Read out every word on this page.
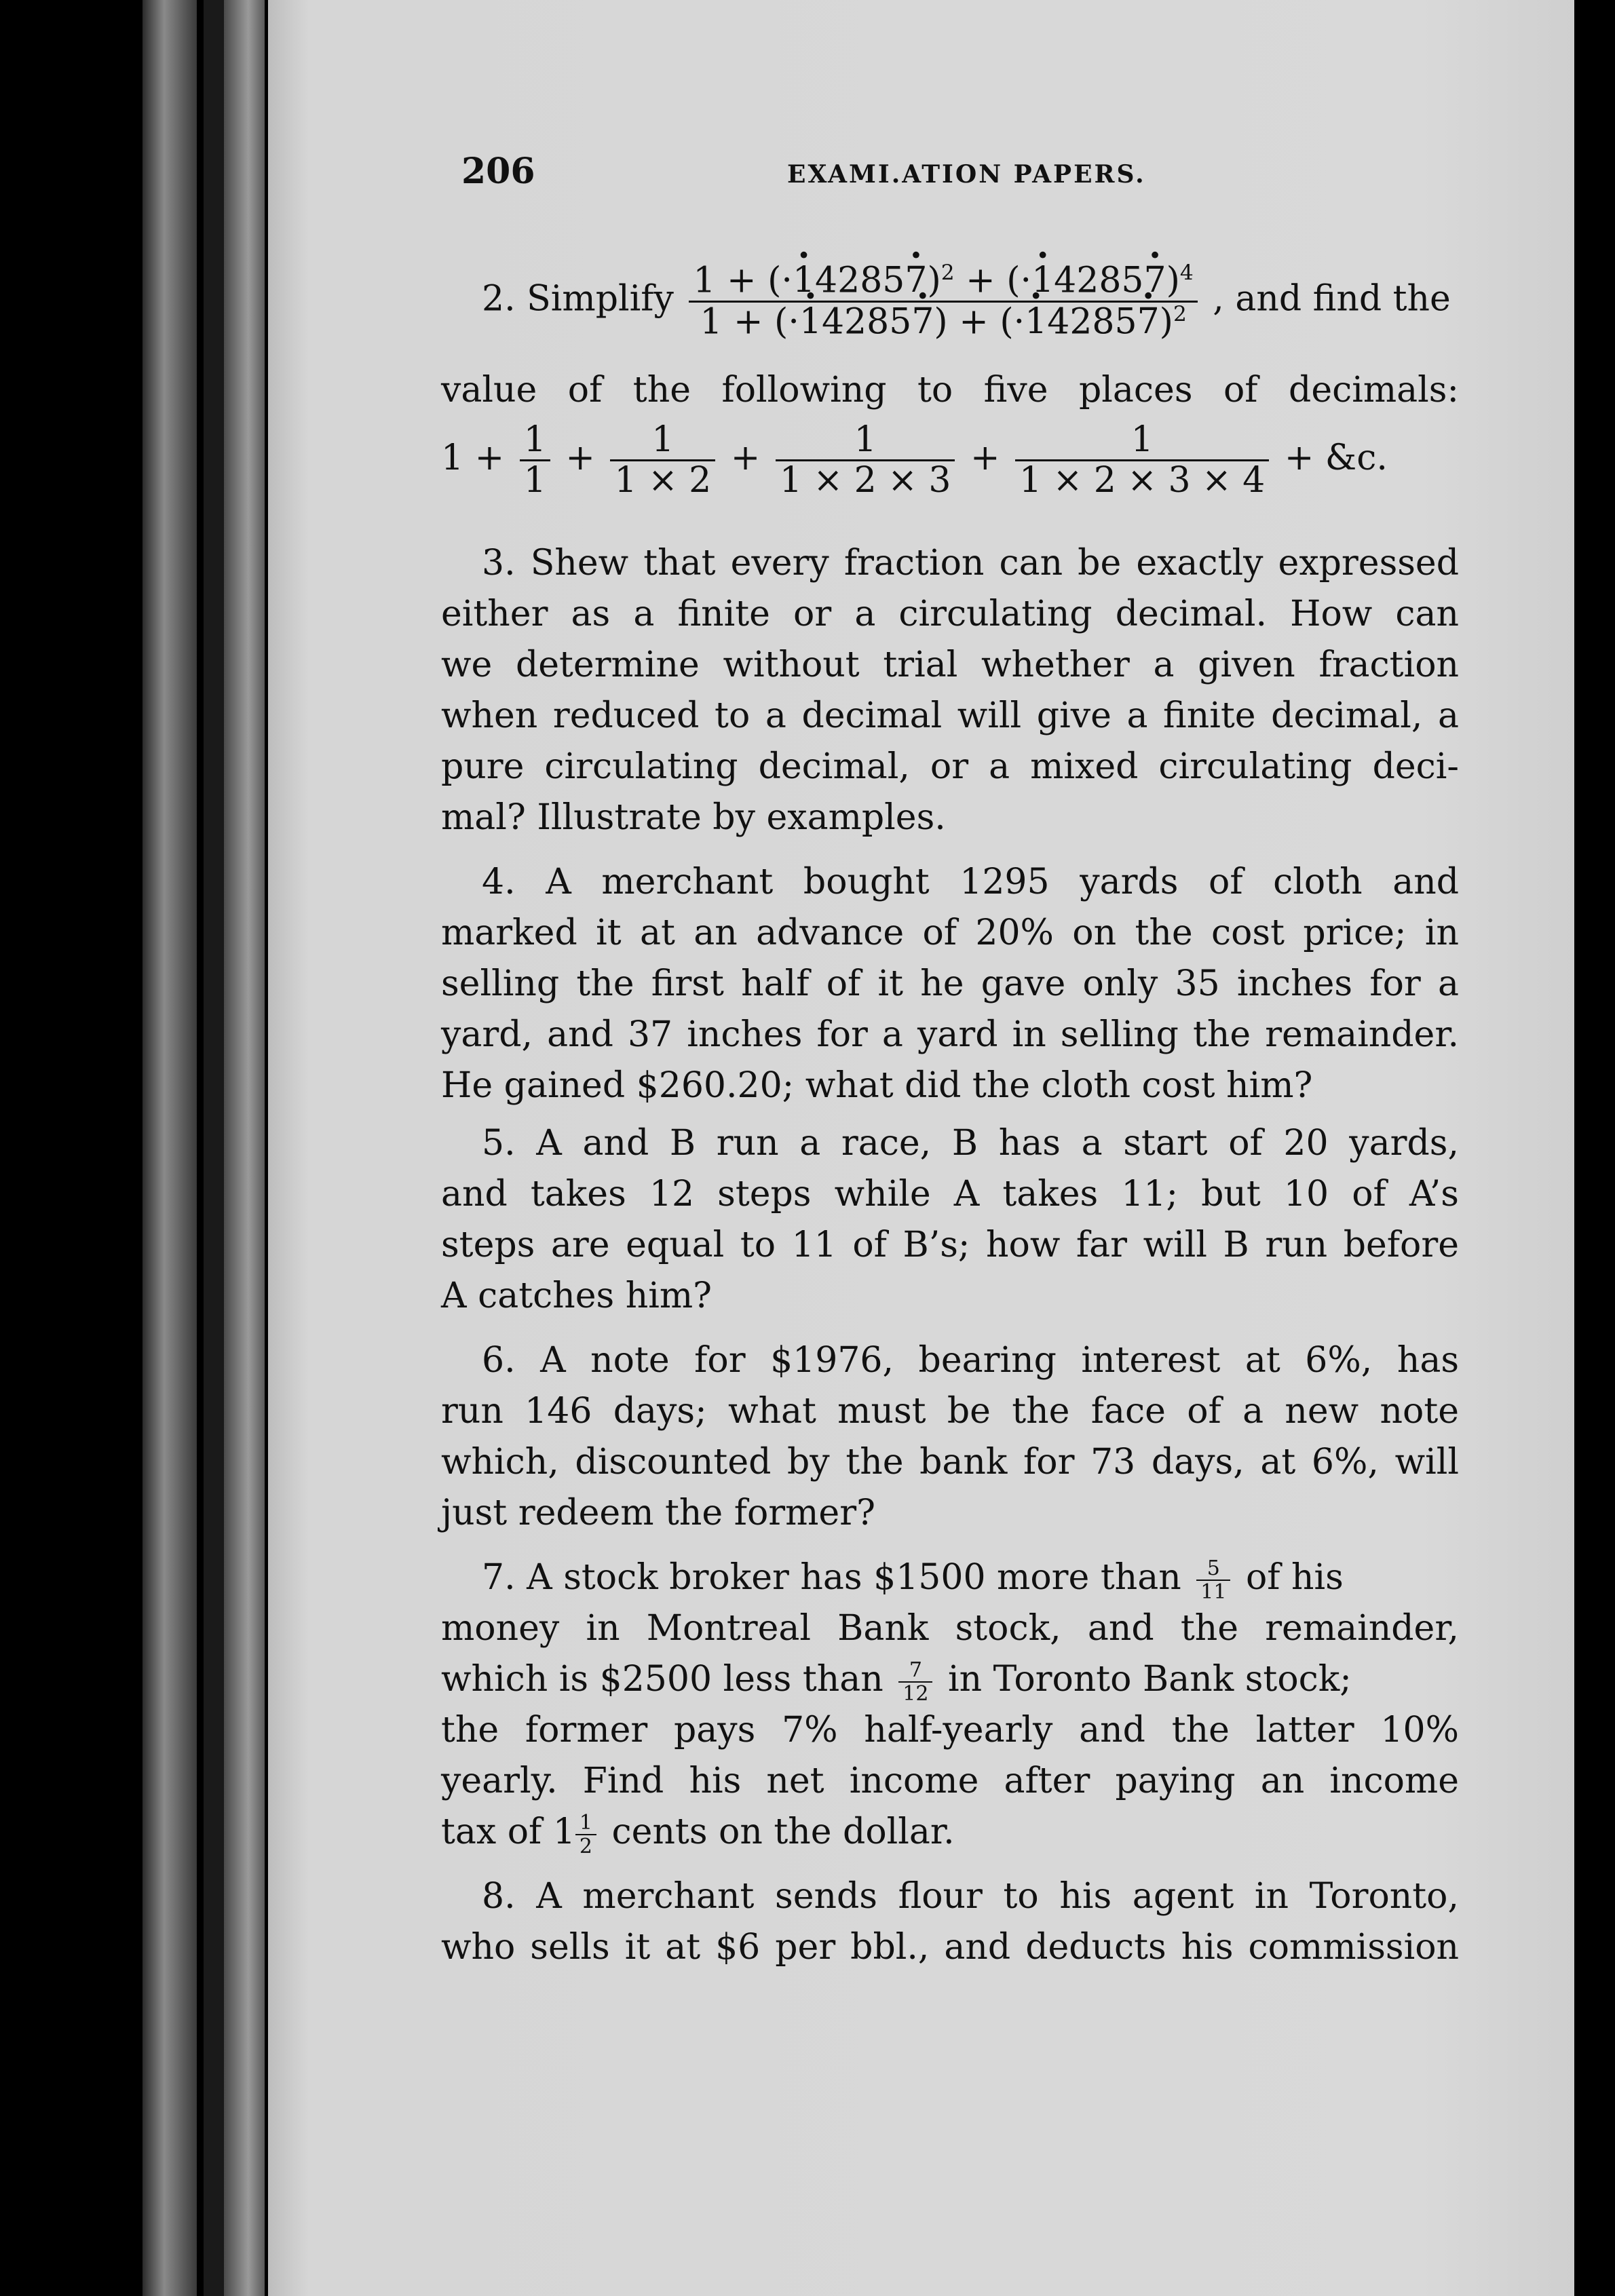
206	EXAMI.ATION PAPERS.
2. Simplify $\frac{1 + (\cdot\cdot 14285\cdot 7)^2 + (\cdot\cdot 14285\cdot 7)^4}{1 + (\cdot\cdot 14285\cdot 7) + (\cdot\cdot 14285\cdot 7)^2}$ , and find the
value of the following to five places of decimals:
$1 + \frac{1}{1} + \frac{1}{1 \times 2} + \frac{1}{1 \times 2 \times 3} + \frac{1}{1 \times 2 \times 3 \times 4}$ + &c.
3. Shew that every fraction can be exactly expressed
either as a finite or a circulating decimal. How can
we determine without trial whether a given fraction
when reduced to a decimal will give a finite decimal, a
pure circulating decimal, or a mixed circulating deci-
mal? Illustrate by examples.
4. A merchant bought 1295 yards of cloth and
marked it at an advance of 20% on the cost price; in
selling the first half of it he gave only 35 inches for a
yard, and 37 inches for a yard in selling the remainder.
He gained $260.20; what did the cloth cost him?
5. A and B run a race, B has a start of 20 yards,
and takes 12 steps while A takes 11; but 10 of A’s
steps are equal to 11 of B’s; how far will B run before
A catches him?
6. A note for $1976, bearing interest at 6%, has
run 146 days; what must be the face of a new note
which, discounted by the bank for 73 days, at 6%, will
just redeem the former?
7. A stock broker has $1500 more than $\frac{5}{11}$ of his
money in Montreal Bank stock, and the remainder,
which is $2500 less than $\frac{7}{12}$ in Toronto Bank stock;
the former pays 7% half-yearly and the latter 10%
yearly. Find his net income after paying an income
tax of $1 \frac{1}{2}$ cents on the dollar.
8. A merchant sends flour to his agent in Toronto,
who sells it at $6 per bbl., and deducts his commission
